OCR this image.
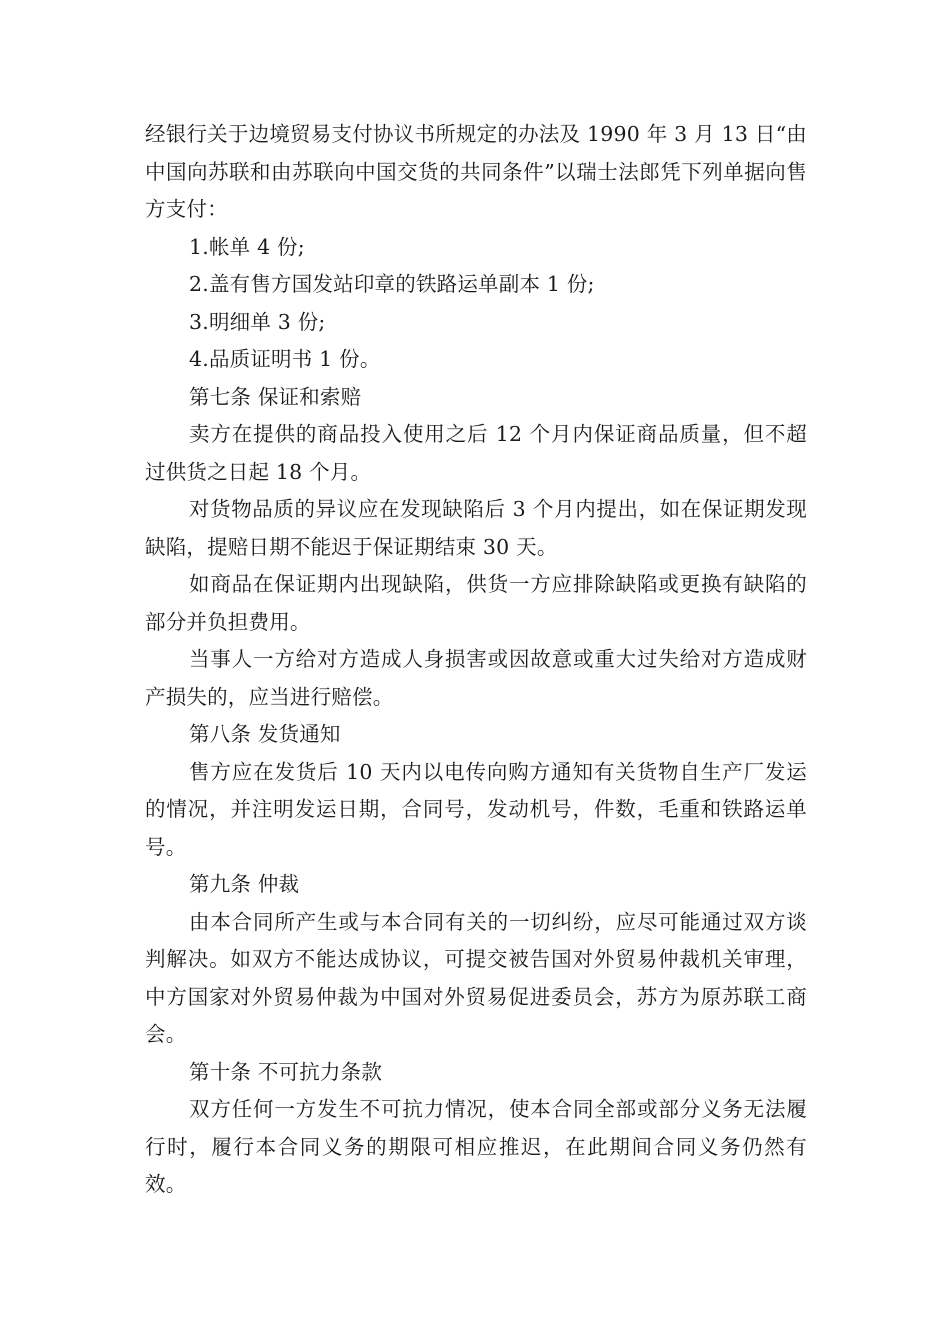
经银行关于边境贸易支付协议书所规定的办法及 1990 年 3 月 13 日“由中国向苏联和由苏联向中国交货的共同条件”以瑞士法郎凭下列单据向售方支付：

1.帐单 4 份;

2.盖有售方国发站印章的铁路运单副本 1 份;

3.明细单 3 份;

4.品质证明书 1 份。

第七条 保证和索赔

卖方在提供的商品投入使用之后 12 个月内保证商品质量，但不超过供货之日起 18 个月。

对货物品质的异议应在发现缺陷后 3 个月内提出，如在保证期发现缺陷，提赔日期不能迟于保证期结束 30 天。

如商品在保证期内出现缺陷，供货一方应排除缺陷或更换有缺陷的部分并负担费用。

当事人一方给对方造成人身损害或因故意或重大过失给对方造成财产损失的，应当进行赔偿。

第八条 发货通知

售方应在发货后 10 天内以电传向购方通知有关货物自生产厂发运的情况，并注明发运日期，合同号，发动机号，件数，毛重和铁路运单号。

第九条 仲裁

由本合同所产生或与本合同有关的一切纠纷，应尽可能通过双方谈判解决。如双方不能达成协议，可提交被告国对外贸易仲裁机关审理，中方国家对外贸易仲裁为中国对外贸易促进委员会，苏方为原苏联工商会。

第十条 不可抗力条款

双方任何一方发生不可抗力情况，使本合同全部或部分义务无法履行时，履行本合同义务的期限可相应推迟，在此期间合同义务仍然有效。
